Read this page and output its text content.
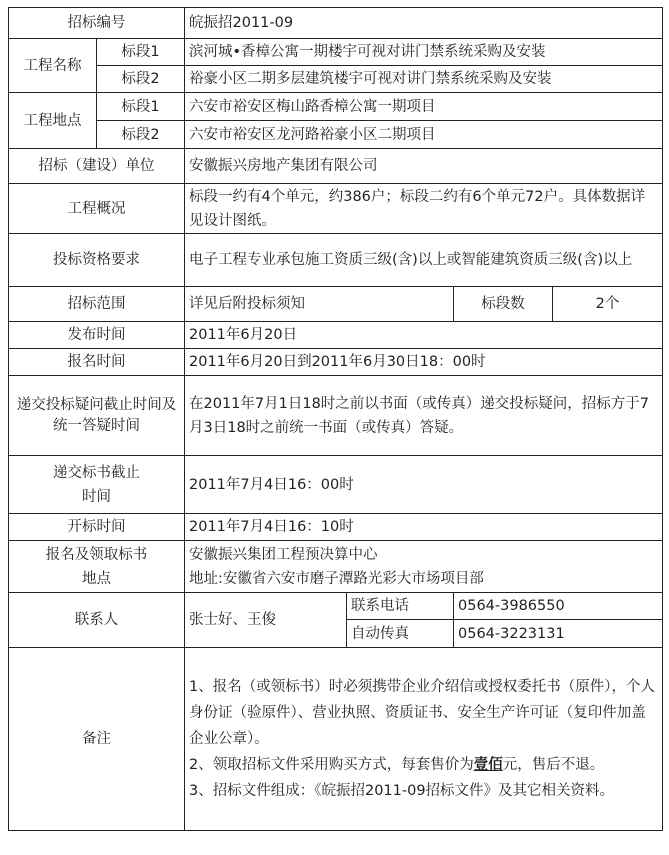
招标编号		皖振招2011-09			
工程名称	标段1	滨河城•香樟公寓一期楼宇可视对讲门禁系统采购及安装			
	标段2	裕豪小区二期多层建筑楼宇可视对讲门禁系统采购及安装			
工程地点	标段1	六安市裕安区梅山路香樟公寓一期项目			
	标段2	六安市裕安区龙河路裕豪小区二期项目			
招标（建设）单位		安徽振兴房地产集团有限公司			
工程概况		标段一约有4个单元，约386户；标段二约有6个单元72户。具体数据详见设计图纸。			
投标资格要求		电子工程专业承包施工资质三级(含)以上或智能建筑资质三级(含)以上			
招标范围		详见后附投标须知		标段数	2个
发布时间		2011年6月20日			
报名时间		2011年6月20日到2011年6月30日18：00时			
递交投标疑问截止时间及统一答疑时间		在2011年7月1日18时之前以书面（或传真）递交投标疑问，招标方于7月3日18时之前统一书面（或传真）答疑。			
递交标书截止时间		2011年7月4日16：00时			
开标时间		2011年7月4日16：10时			
报名及领取标书地点		安徽振兴集团工程预决算中心
地址:安徽省六安市磨子潭路光彩大市场项目部			

联系人		张士好、王俊	联系电话	0564-3986550	
			自动传真	0564-3223131	
备注		1、报名（或领标书）时必须携带企业介绍信或授权委托书（原件），个人身份证（验原件）、营业执照、资质证书、安全生产许可证（复印件加盖企业公章）。
2、领取招标文件采用购买方式，每套售价为壹佰元，售后不退。
3、招标文件组成：《皖振招2011-09招标文件》及其它相关资料。			
